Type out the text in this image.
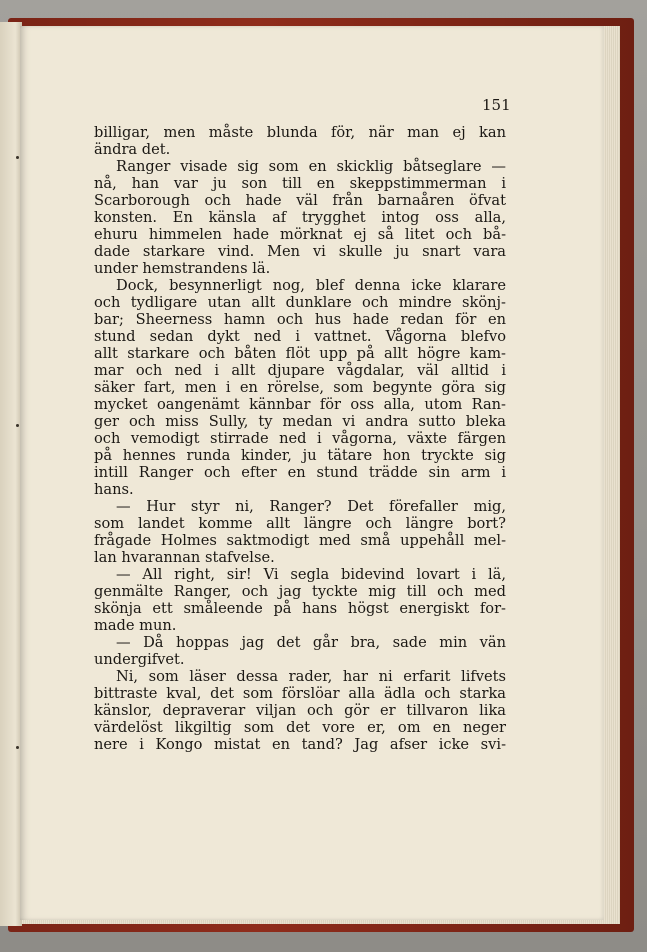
151
billigar, men måste blunda för, när man ej kan
ändra det.
Ranger visade sig som en skicklig båtseglare —
nå, han var ju son till en skeppstimmerman i
Scarborough och hade väl från barnaåren öfvat
konsten. En känsla af trygghet intog oss alla,
ehuru himmelen hade mörknat ej så litet och bå-
dade starkare vind. Men vi skulle ju snart vara
under hemstrandens lä.
Dock, besynnerligt nog, blef denna icke klarare
och tydligare utan allt dunklare och mindre skönj-
bar; Sheerness hamn och hus hade redan för en
stund sedan dykt ned i vattnet. Vågorna blefvo
allt starkare och båten flöt upp på allt högre kam-
mar och ned i allt djupare vågdalar, väl alltid i
säker fart, men i en rörelse, som begynte göra sig
mycket oangenämt kännbar för oss alla, utom Ran-
ger och miss Sully, ty medan vi andra sutto bleka
och vemodigt stirrade ned i vågorna, växte färgen
på hennes runda kinder, ju tätare hon tryckte sig
intill Ranger och efter en stund trädde sin arm i
hans.
— Hur styr ni, Ranger? Det förefaller mig,
som landet komme allt längre och längre bort?
frågade Holmes saktmodigt med små uppehåll mel-
lan hvarannan stafvelse.
— All right, sir! Vi segla bidevind lovart i lä,
genmälte Ranger, och jag tyckte mig till och med
skönja ett småleende på hans högst energiskt for-
made mun.
— Då hoppas jag det går bra, sade min vän
undergifvet.
Ni, som läser dessa rader, har ni erfarit lifvets
bittraste kval, det som förslöar alla ädla och starka
känslor, depraverar viljan och gör er tillvaron lika
värdelöst likgiltig som det vore er, om en neger
nere i Kongo mistat en tand? Jag afser icke svi-
